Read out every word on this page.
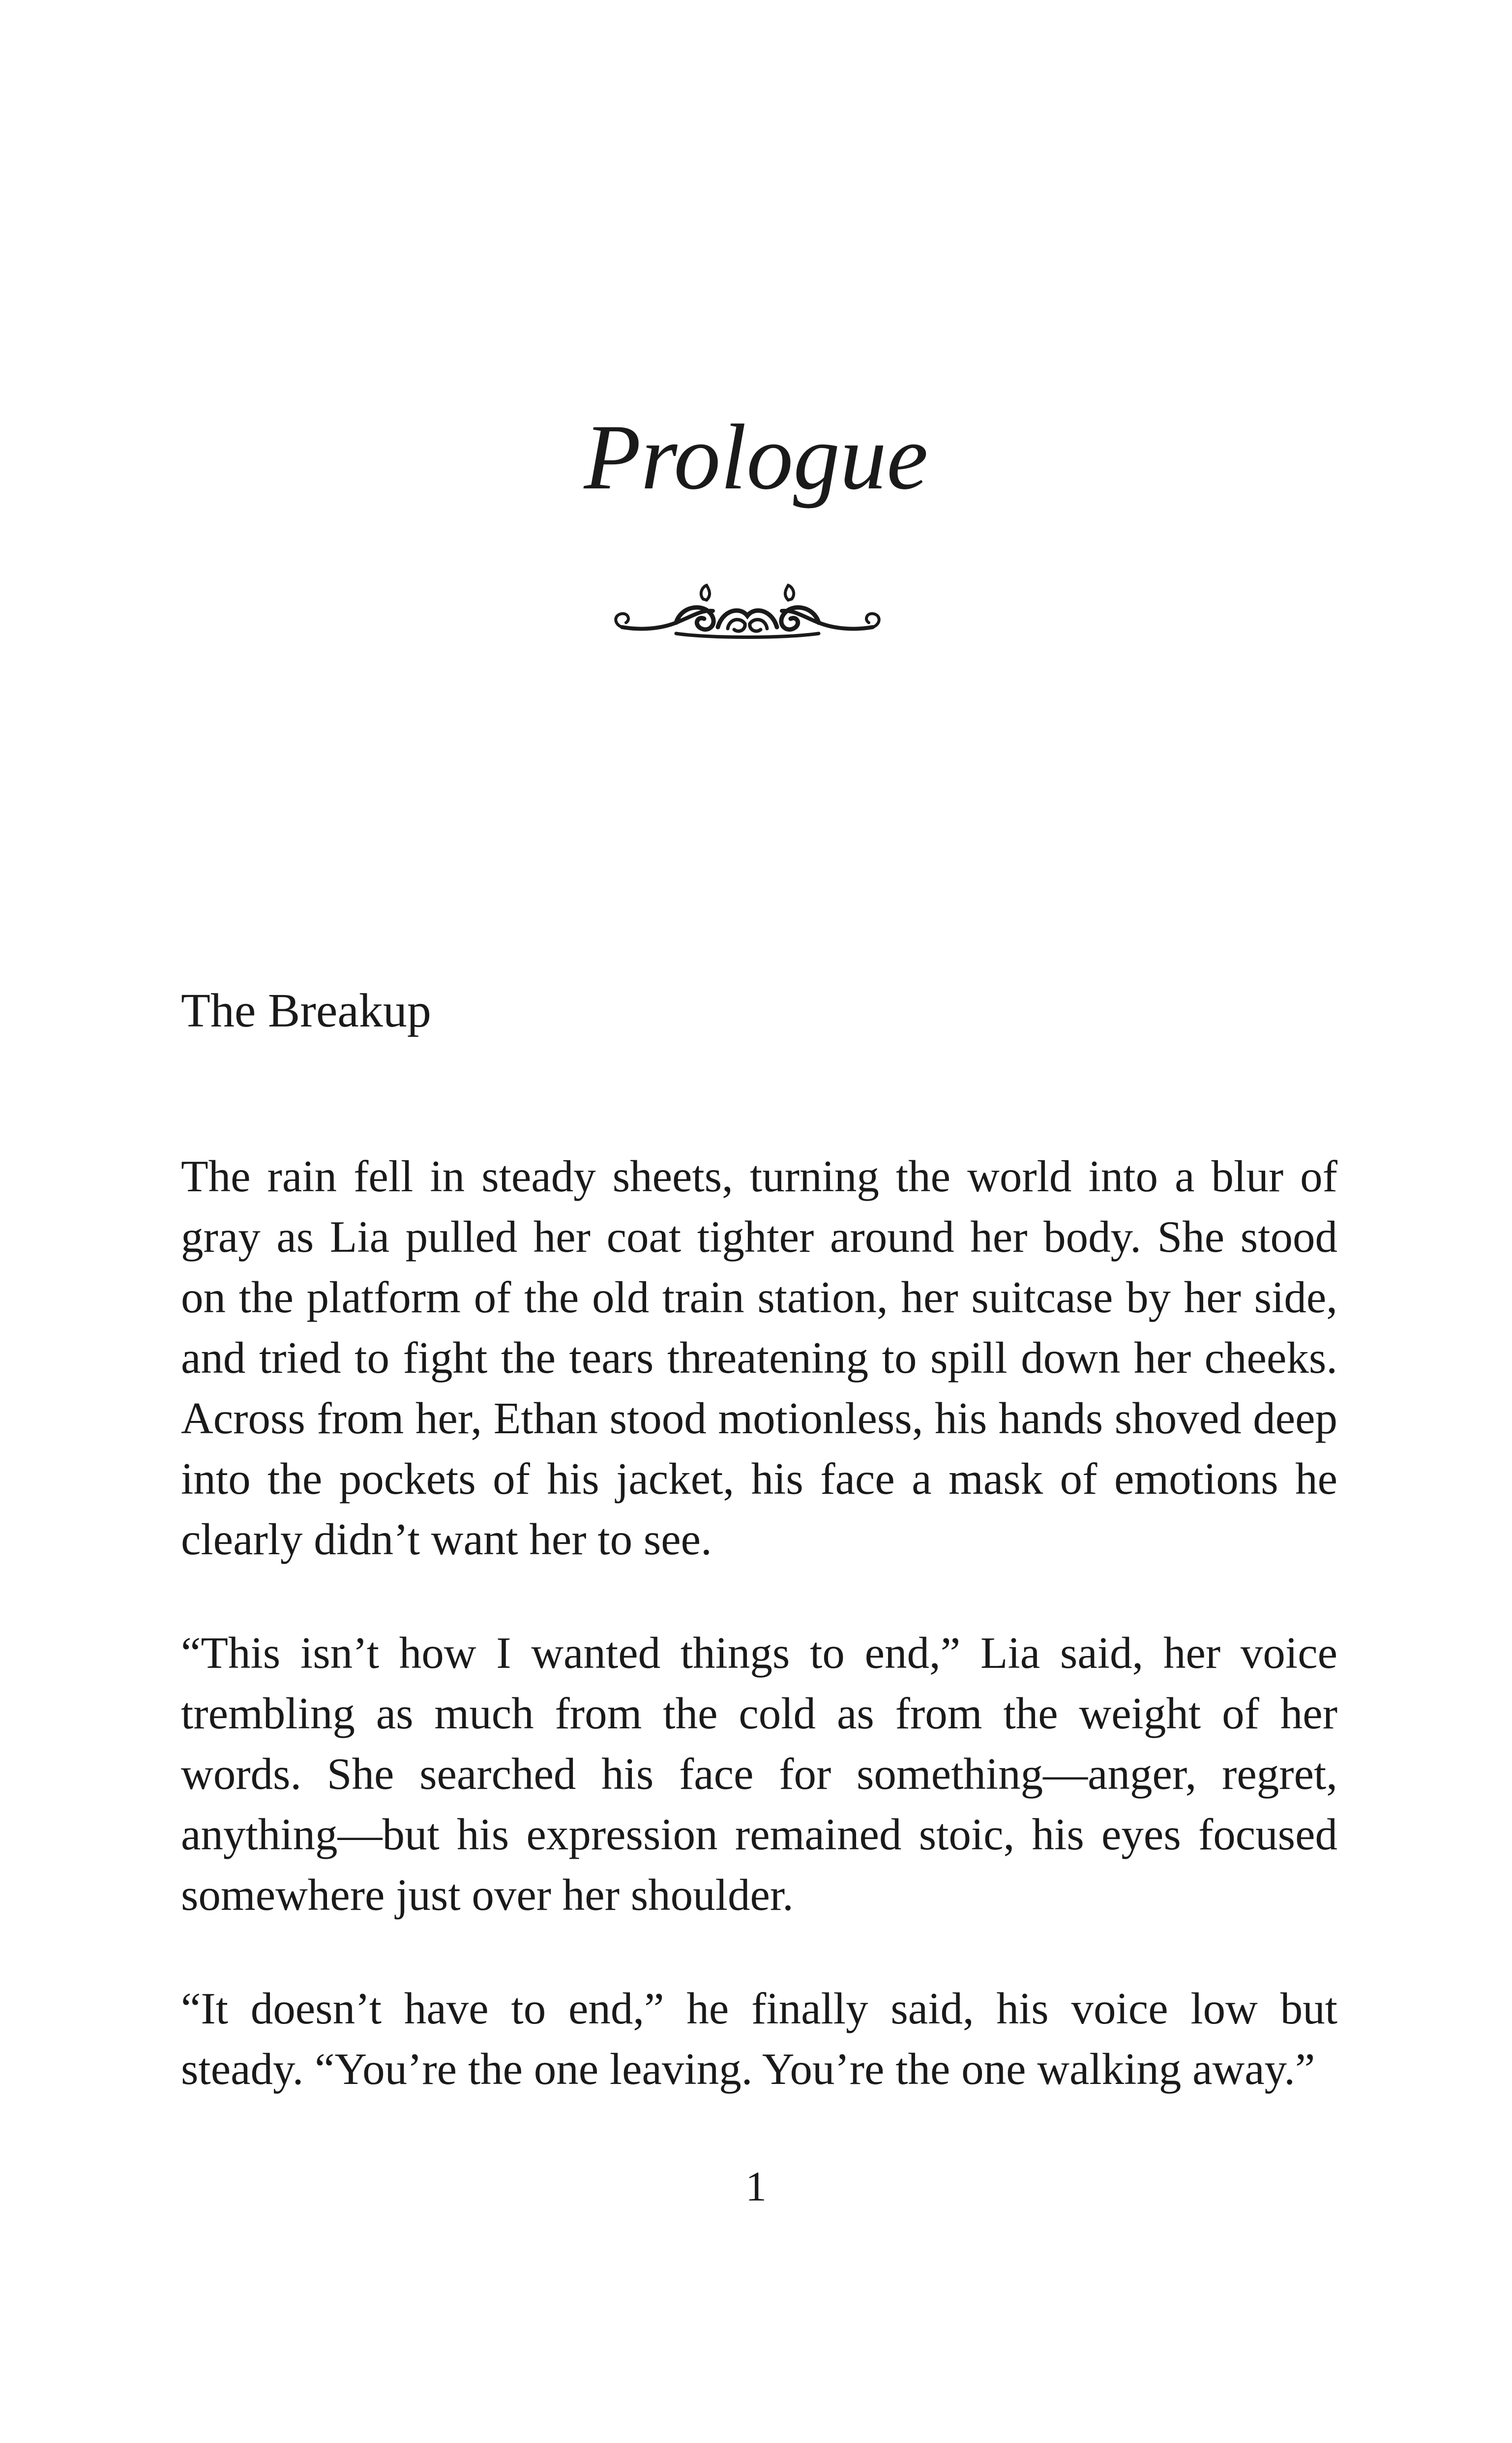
Prologue
The Breakup

The rain fell in steady sheets, turning the world into a blur of gray as Lia pulled her coat tighter around her body. She stood on the platform of the old train station, her suitcase by her side, and tried to fight the tears threatening to spill down her cheeks. Across from her, Ethan stood motionless, his hands shoved deep into the pockets of his jacket, his face a mask of emotions he clearly didn’t want her to see.

“This isn’t how I wanted things to end,” Lia said, her voice trembling as much from the cold as from the weight of her words. She searched his face for something—anger, regret, anything—but his expression remained stoic, his eyes focused somewhere just over her shoulder.

“It doesn’t have to end,” he finally said, his voice low but steady. “You’re the one leaving. You’re the one walking away.”

1
